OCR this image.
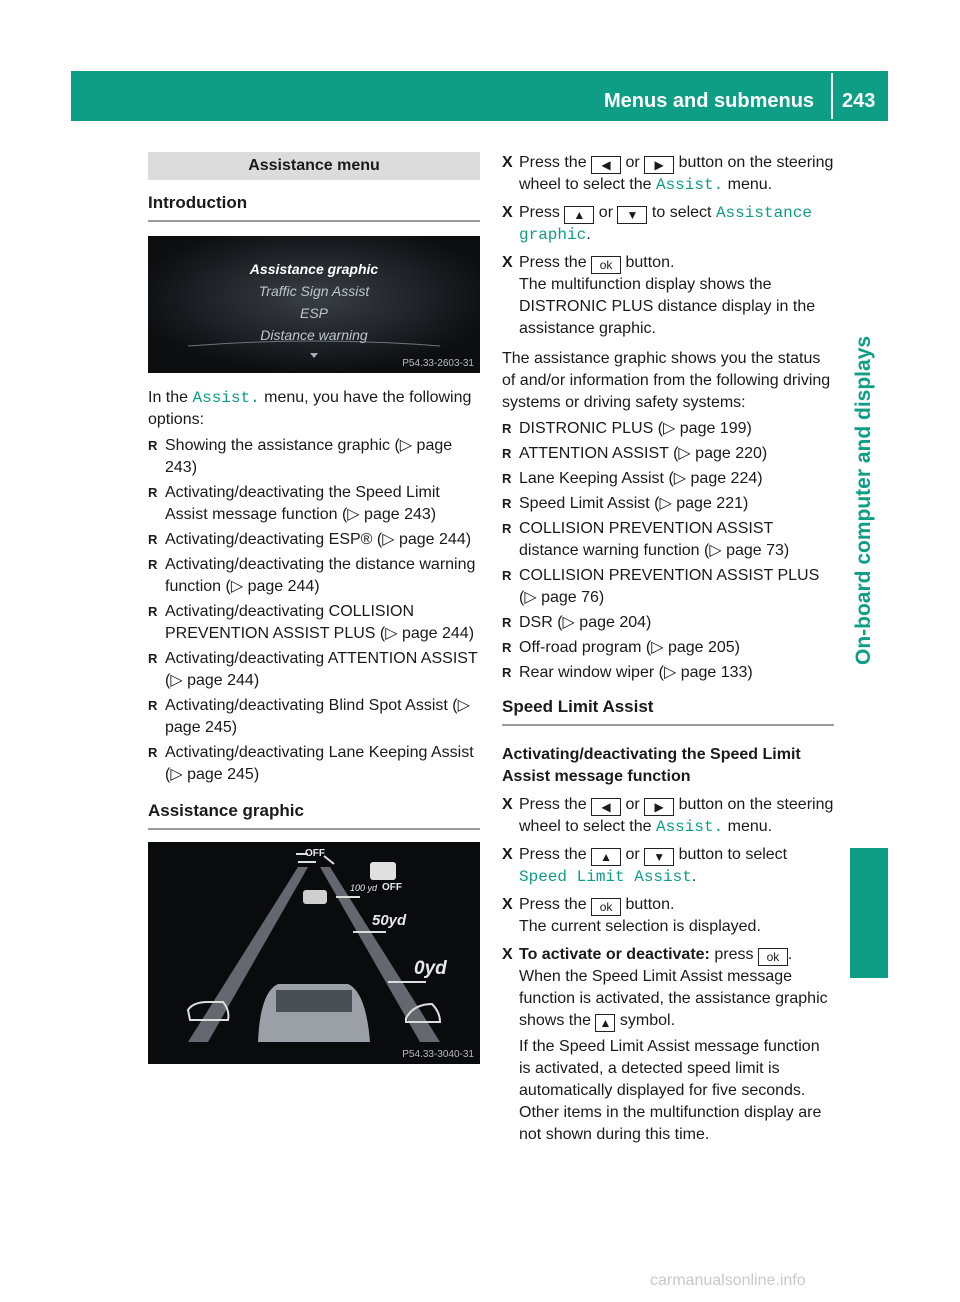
Menus and submenus 243
On-board computer and displays
Assistance menu
Introduction
Assistance graphic
Traffic Sign Assist
ESP
Distance warning
P54.33-2603-31

In the Assist. menu, you have the following options:

R Showing the assistance graphic (▷ page 243)
R Activating/deactivating the Speed Limit Assist message function (▷ page 243)
R Activating/deactivating ESP® (▷ page 244)
R Activating/deactivating the distance warning function (▷ page 244)
R Activating/deactivating COLLISION PREVENTION ASSIST PLUS (▷ page 244)
R Activating/deactivating ATTENTION ASSIST (▷ page 244)
R Activating/deactivating Blind Spot Assist (▷ page 245)
R Activating/deactivating Lane Keeping Assist (▷ page 245)
Assistance graphic
OFF
OFF
100 yd
50yd
0yd
P54.33-3040-31
X Press the ◀ or ▶ button on the steering wheel to select the Assist. menu.
X Press ▲ or ▼ to select Assistance graphic.
X Press the ok button.
The multifunction display shows the DISTRONIC PLUS distance display in the assistance graphic.

The assistance graphic shows you the status of and/or information from the following driving systems or driving safety systems:

R DISTRONIC PLUS (▷ page 199)
R ATTENTION ASSIST (▷ page 220)
R Lane Keeping Assist (▷ page 224)
R Speed Limit Assist (▷ page 221)
R COLLISION PREVENTION ASSIST distance warning function (▷ page 73)
R COLLISION PREVENTION ASSIST PLUS (▷ page 76)
R DSR (▷ page 204)
R Off-road program (▷ page 205)
R Rear window wiper (▷ page 133)
Speed Limit Assist
Activating/deactivating the Speed Limit Assist message function
X Press the ◀ or ▶ button on the steering wheel to select the Assist. menu.
X Press the ▲ or ▼ button to select Speed Limit Assist.
X Press the ok button.
The current selection is displayed.
X To activate or deactivate: press ok .
When the Speed Limit Assist message function is activated, the assistance graphic shows the ▲ symbol.

If the Speed Limit Assist message function is activated, a detected speed limit is automatically displayed for five seconds. Other items in the multifunction display are not shown during this time.
carmanualsonline.info
